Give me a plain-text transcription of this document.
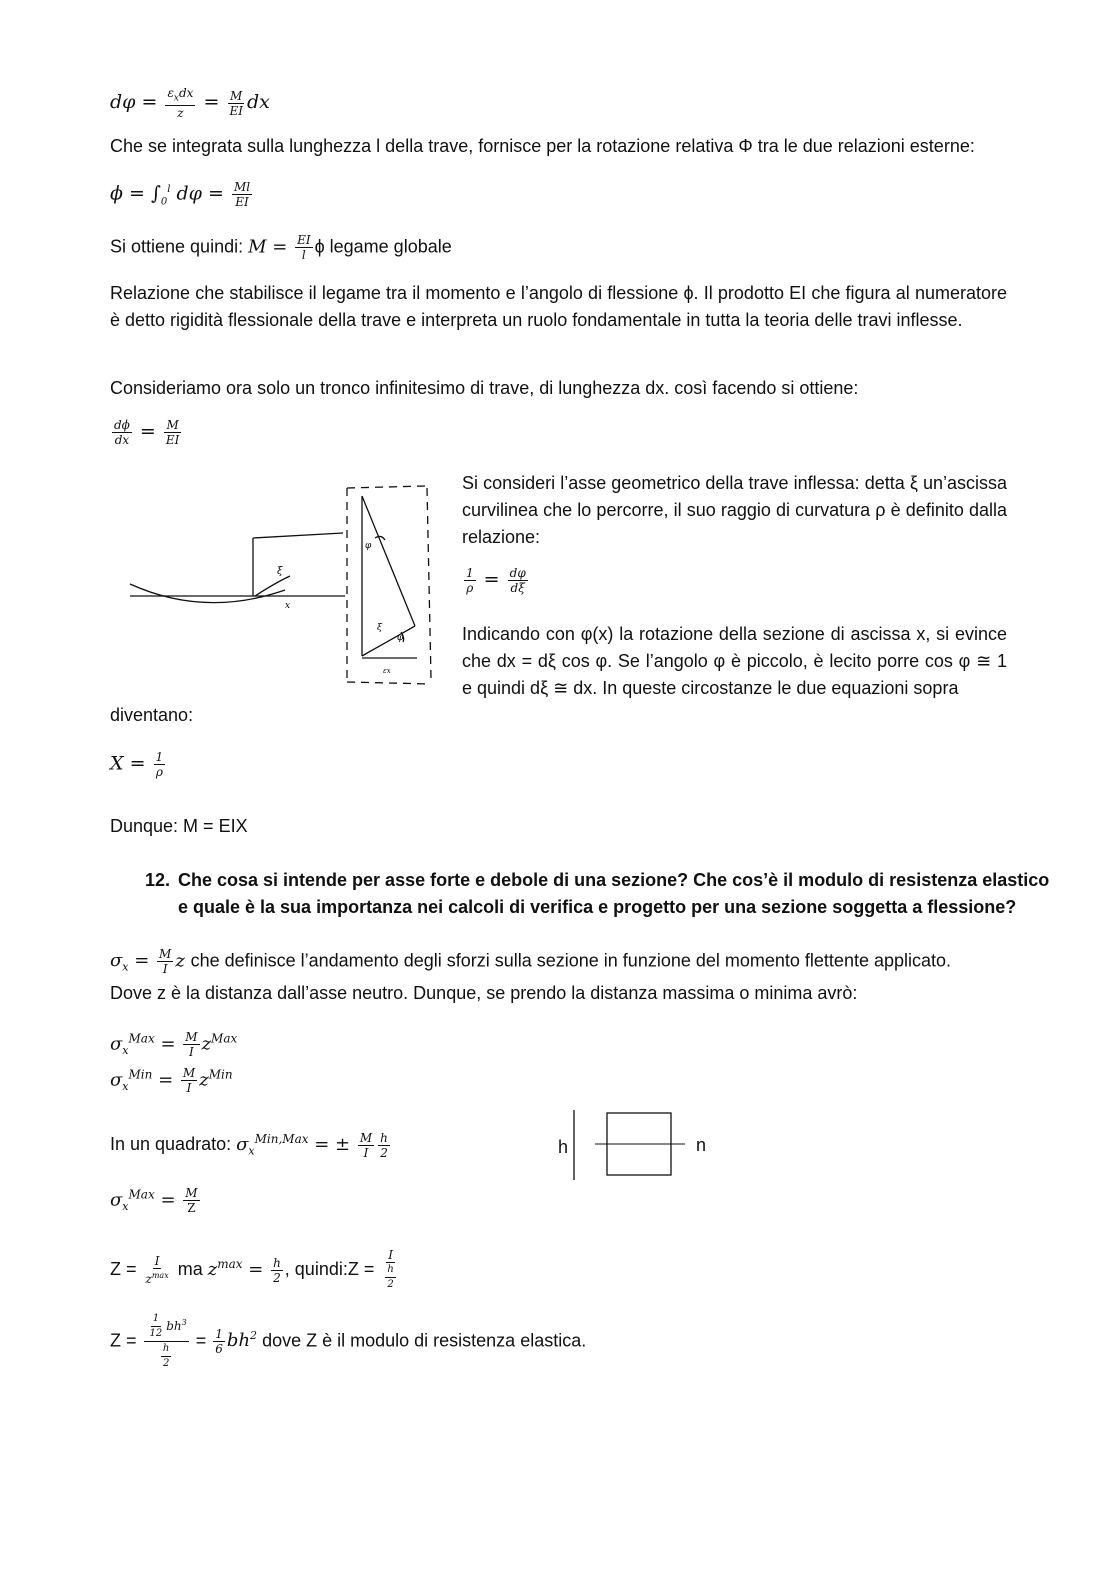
$d\varphi = \frac{\varepsilon_xdx}{z} = \frac{M}{EI}$ dx
Che se integrata sulla lunghezza l della trave, fornisce per la rotazione relativa Φ tra le due relazioni esterne:
$\phi = \int_0^l$ $d\varphi = \frac{Ml}{EI}$
Si ottiene quindi: $M = \frac{EI}{l}$ ϕ legame globale
Relazione che stabilisce il legame tra il momento e l’angolo di flessione ϕ. Il prodotto EI che figura al numeratore è detto rigidità flessionale della trave e interpreta un ruolo fondamentale in tutta la teoria delle travi inflesse.
Consideriamo ora solo un tronco infinitesimo di trave, di lunghezza dx. così facendo si ottiene:
$\frac{d\phi}{dx} = \frac{M}{EI}$
ξ
x
φ
φ
ξ
εx
Si consideri l’asse geometrico della trave inflessa: detta ξ un’ascissa curvilinea che lo percorre, il suo raggio di curvatura ρ è definito dalla relazione:
$\frac{1}{\rho} = \frac{d\varphi}{d\xi}$
Indicando con φ(x) la rotazione della sezione di ascissa x, si evince che dx = dξ cos φ. Se l’angolo φ è piccolo, è lecito porre cos φ ≅ 1 e quindi dξ ≅ dx. In queste circostanze le due equazioni sopra
diventano:
$X = \frac{1}{\rho}$
Dunque: M = EIX
12. Che cosa si intende per asse forte e debole di una sezione? Che cos’è il modulo di resistenza elastico
e quale è la sua importanza nei calcoli di verifica e progetto per una sezione soggetta a flessione?
$\sigma_x = \frac{M}{I}$ z che definisce l’andamento degli sforzi sulla sezione in funzione del momento flettente applicato.
Dove z è la distanza dall’asse neutro. Dunque, se prendo la distanza massima o minima avrò:
$\sigma_x^{Max} = \frac{M}{I} z^{Max}$
$\sigma_x^{Min} = \frac{M}{I} z^{Min}$
In un quadrato: $\sigma_x^{Min,Max}$ = ± $\frac{M}{I} \frac{h}{2}$	h	n
$\sigma_x^{Max} = \frac{M}{Z}$
$Z = \frac{I}{z^{max}}$ ma $z^{max} = \frac{h}{2}$ , quindi:Z = $\frac{I}{\frac{h}{2}}$
$Z = \frac{\frac{1}{12} bh^3}{\frac{h}{2}} = \frac{1}{6} bh^2$ dove Z è il modulo di resistenza elastica.
